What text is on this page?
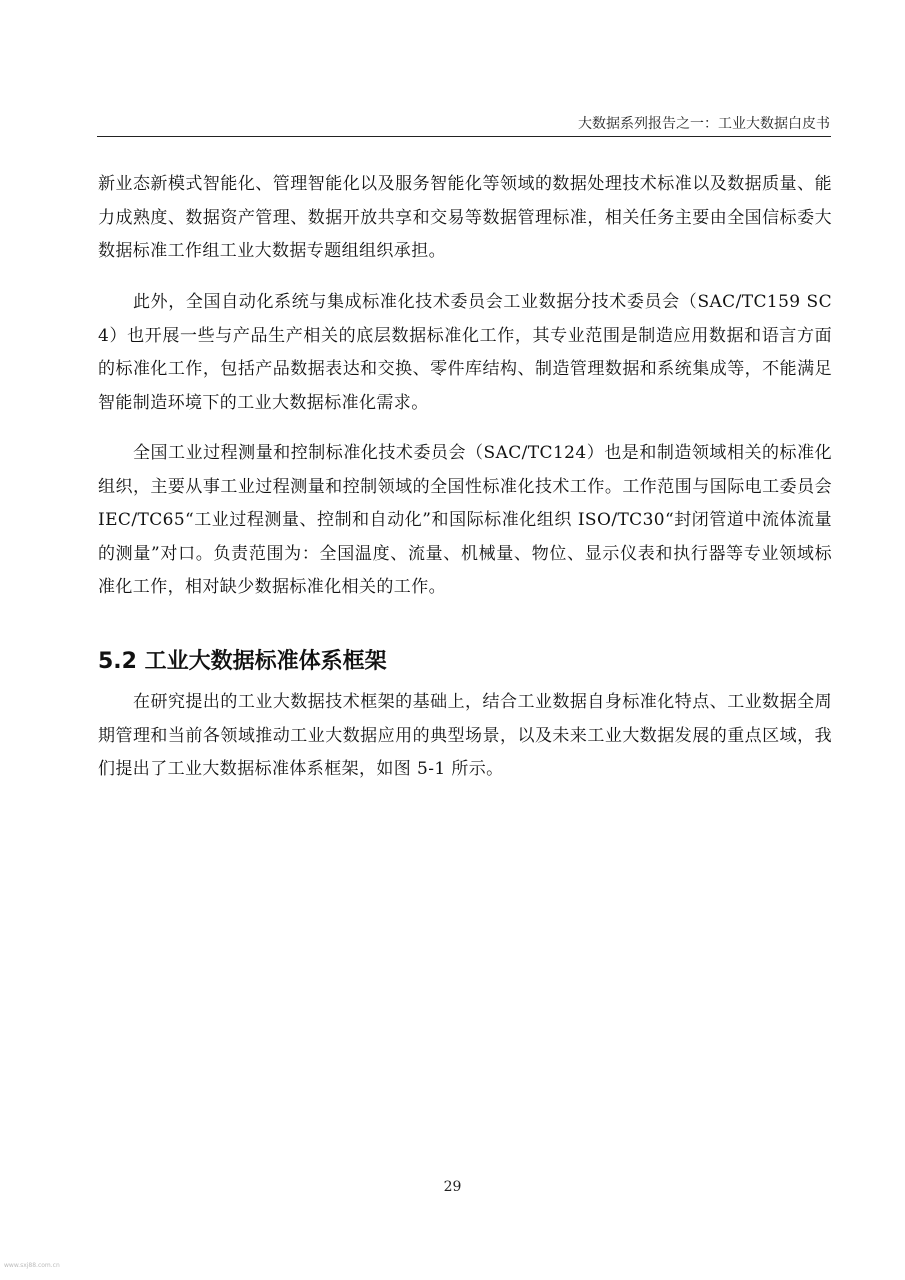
大数据系列报告之一：工业大数据白皮书

新业态新模式智能化、管理智能化以及服务智能化等领域的数据处理技术标准以及数据质量、能力成熟度、数据资产管理、数据开放共享和交易等数据管理标准，相关任务主要由全国信标委大数据标准工作组工业大数据专题组组织承担。

此外，全国自动化系统与集成标准化技术委员会工业数据分技术委员会（SAC/TC159 SC4）也开展一些与产品生产相关的底层数据标准化工作，其专业范围是制造应用数据和语言方面的标准化工作，包括产品数据表达和交换、零件库结构、制造管理数据和系统集成等，不能满足智能制造环境下的工业大数据标准化需求。

全国工业过程测量和控制标准化技术委员会（SAC/TC124）也是和制造领域相关的标准化组织，主要从事工业过程测量和控制领域的全国性标准化技术工作。工作范围与国际电工委员会 IEC/TC65“工业过程测量、控制和自动化”和国际标准化组织 ISO/TC30“封闭管道中流体流量的测量”对口。负责范围为：全国温度、流量、机械量、物位、显示仪表和执行器等专业领域标准化工作，相对缺少数据标准化相关的工作。

5.2 工业大数据标准体系框架

在研究提出的工业大数据技术框架的基础上，结合工业数据自身标准化特点、工业数据全周期管理和当前各领域推动工业大数据应用的典型场景，以及未来工业大数据发展的重点区域，我们提出了工业大数据标准体系框架，如图 5-1 所示。

29
www.sxj88.com.cn
